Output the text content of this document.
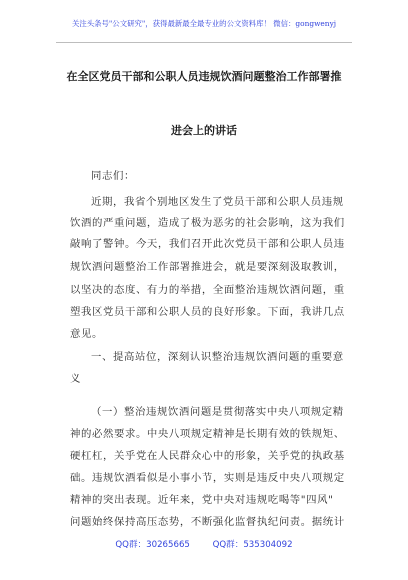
关注头条号"公文研究"，获得最新最全最专业的公文资料库！ 微信：gongwenyj
在全区党员干部和公职人员违规饮酒问题整治工作部署推
进会上的讲话
同志们：
近期，我省个别地区发生了党员干部和公职人员违规
饮酒的严重问题，造成了极为恶劣的社会影响，这为我们
敲响了警钟。今天，我们召开此次党员干部和公职人员违
规饮酒问题整治工作部署推进会，就是要深刻汲取教训，
以坚决的态度、有力的举措，全面整治违规饮酒问题，重
塑我区党员干部和公职人员的良好形象。下面，我讲几点
意见。
一、提高站位，深刻认识整治违规饮酒问题的重要意
义
（一）整治违规饮酒问题是贯彻落实中央八项规定精
神的必然要求。中央八项规定精神是长期有效的铁规矩、
硬杠杠，关乎党在人民群众心中的形象，关乎党的执政基
础。违规饮酒看似是小事小节，实则是违反中央八项规定
精神的突出表现。近年来，党中央对违规吃喝等"四风"
问题始终保持高压态势，不断强化监督执纪问责。据统计
QQ群：30265665	QQ群：535304092
